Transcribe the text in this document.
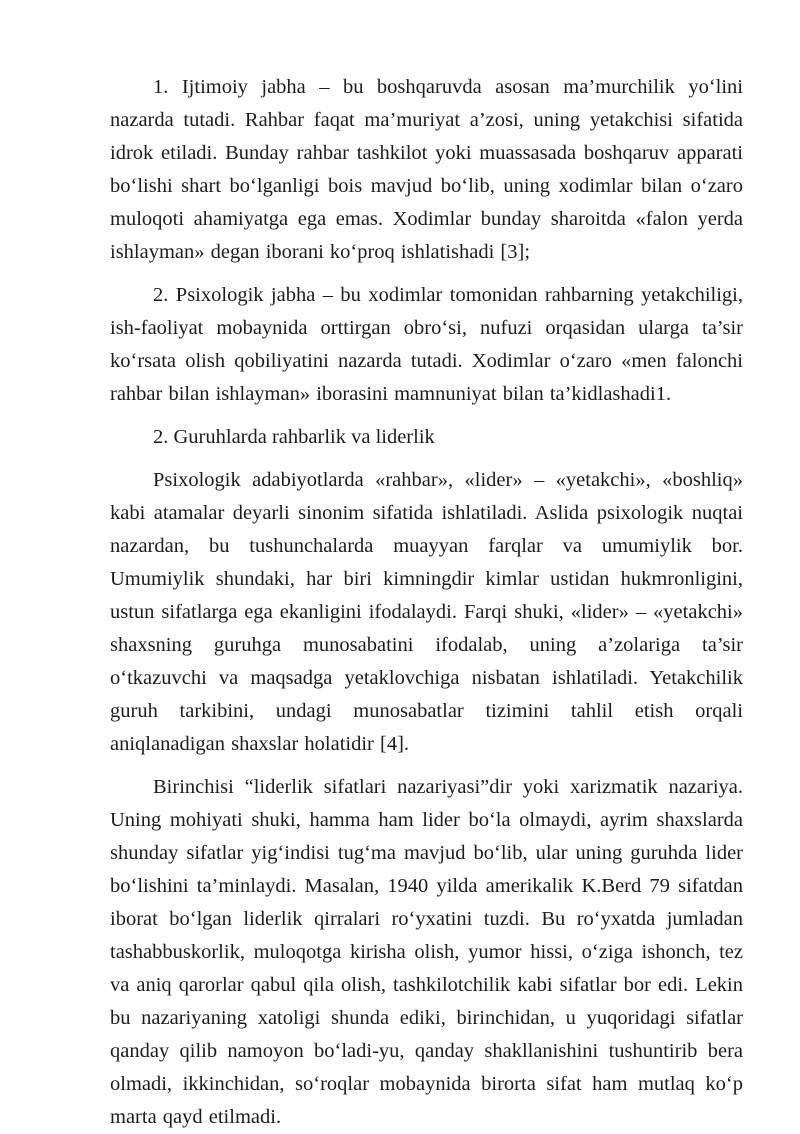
1. Ijtimoiy jabha – bu boshqaruvda asosan ma’murchilik yo‘lini nazarda tutadi. Rahbar faqat ma’muriyat a’zosi, uning yetakchisi sifatida idrok etiladi. Bunday rahbar tashkilot yoki muassasada boshqaruv apparati bo‘lishi shart bo‘lganligi bois mavjud bo‘lib, uning xodimlar bilan o‘zaro muloqoti ahamiyatga ega emas. Xodimlar bunday sharoitda «falon yerda ishlayman» degan iborani ko‘proq ishlatishadi [3];

2. Psixologik jabha – bu xodimlar tomonidan rahbarning yetakchiligi, ish-faoliyat mobaynida orttirgan obro‘si, nufuzi orqasidan ularga ta’sir ko‘rsata olish qobiliyatini nazarda tutadi. Xodimlar o‘zaro «men falonchi rahbar bilan ishlayman» iborasini mamnuniyat bilan ta’kidlashadi1.

2. Guruhlarda rahbarlik va liderlik

Psixologik adabiyotlarda «rahbar», «lider» – «yetakchi», «boshliq» kabi atamalar deyarli sinonim sifatida ishlatiladi. Aslida psixologik nuqtai nazardan, bu tushunchalarda muayyan farqlar va umumiylik bor. Umumiylik shundaki, har biri kimningdir kimlar ustidan hukmronligini, ustun sifatlarga ega ekanligini ifodalaydi. Farqi shuki, «lider» – «yetakchi» shaxsning guruhga munosabatini ifodalab, uning a’zolariga ta’sir o‘tkazuvchi va maqsadga yetaklovchiga nisbatan ishlatiladi. Yetakchilik guruh tarkibini, undagi munosabatlar tizimini tahlil etish orqali aniqlanadigan shaxslar holatidir [4].

Birinchisi “liderlik sifatlari nazariyasi”dir yoki xarizmatik nazariya. Uning mohiyati shuki, hamma ham lider bo‘la olmaydi, ayrim shaxslarda shunday sifatlar yig‘indisi tug‘ma mavjud bo‘lib, ular uning guruhda lider bo‘lishini ta’minlaydi. Masalan, 1940 yilda amerikalik K.Berd 79 sifatdan iborat bo‘lgan liderlik qirralari ro‘yxatini tuzdi. Bu ro‘yxatda jumladan tashabbuskorlik, muloqotga kirisha olish, yumor hissi, o‘ziga ishonch, tez va aniq qarorlar qabul qila olish, tashkilotchilik kabi sifatlar bor edi. Lekin bu nazariyaning xatoligi shunda ediki, birinchidan, u yuqoridagi sifatlar qanday qilib namoyon bo‘ladi-yu, qanday shakllanishini tushuntirib bera olmadi, ikkinchidan, so‘roqlar mobaynida birorta sifat ham mutlaq ko‘p marta qayd etilmadi.
